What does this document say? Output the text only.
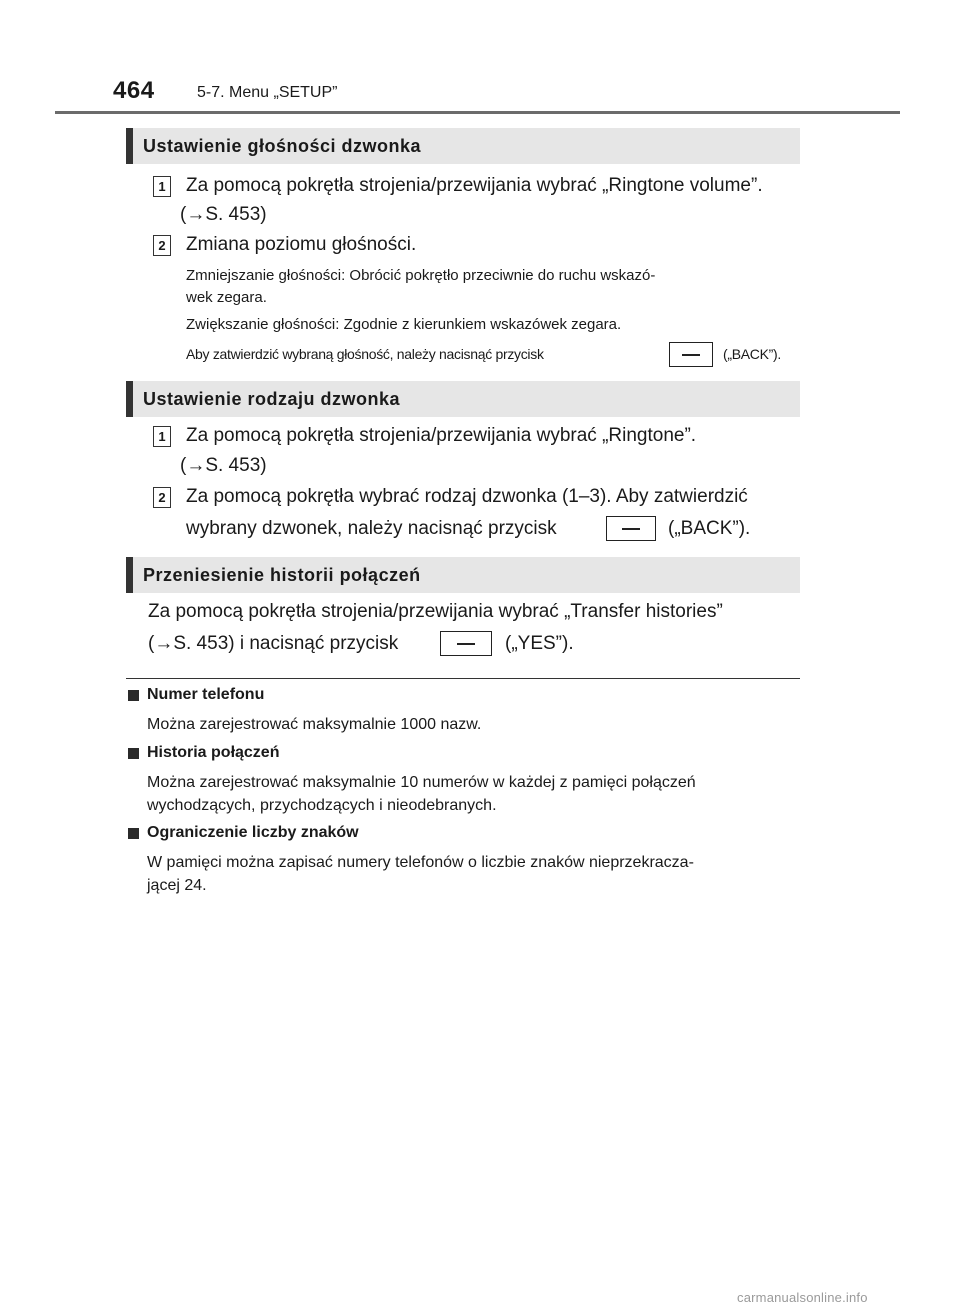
464	5-7. Menu „SETUP”
Ustawienie głośności dzwonka
1 Za pomocą pokrętła strojenia/przewijania wybrać „Ringtone volume”.
(→S. 453)
2 Zmiana poziomu głośności.
Zmniejszanie głośności: Obrócić pokrętło przeciwnie do ruchu wskazó-
wek zegara.
Zwiększanie głośności: Zgodnie z kierunkiem wskazówek zegara.
Aby zatwierdzić wybraną głośność, należy nacisnąć przycisk	(„BACK”).
Ustawienie rodzaju dzwonka
1 Za pomocą pokrętła strojenia/przewijania wybrać „Ringtone”.
(→S. 453)
2 Za pomocą pokrętła wybrać rodzaj dzwonka (1–3). Aby zatwierdzić
wybrany dzwonek, należy nacisnąć przycisk	(„BACK”).
Przeniesienie historii połączeń
Za pomocą pokrętła strojenia/przewijania wybrać „Transfer histories”
(→S. 453) i nacisnąć przycisk	(„YES”).
Numer telefonu
Można zarejestrować maksymalnie 1000 nazw.
Historia połączeń
Można zarejestrować maksymalnie 10 numerów w każdej z pamięci połączeń
wychodzących, przychodzących i nieodebranych.
Ograniczenie liczby znaków
W pamięci można zapisać numery telefonów o liczbie znaków nieprzekracza-
jącej 24.
carmanualsonline.info
